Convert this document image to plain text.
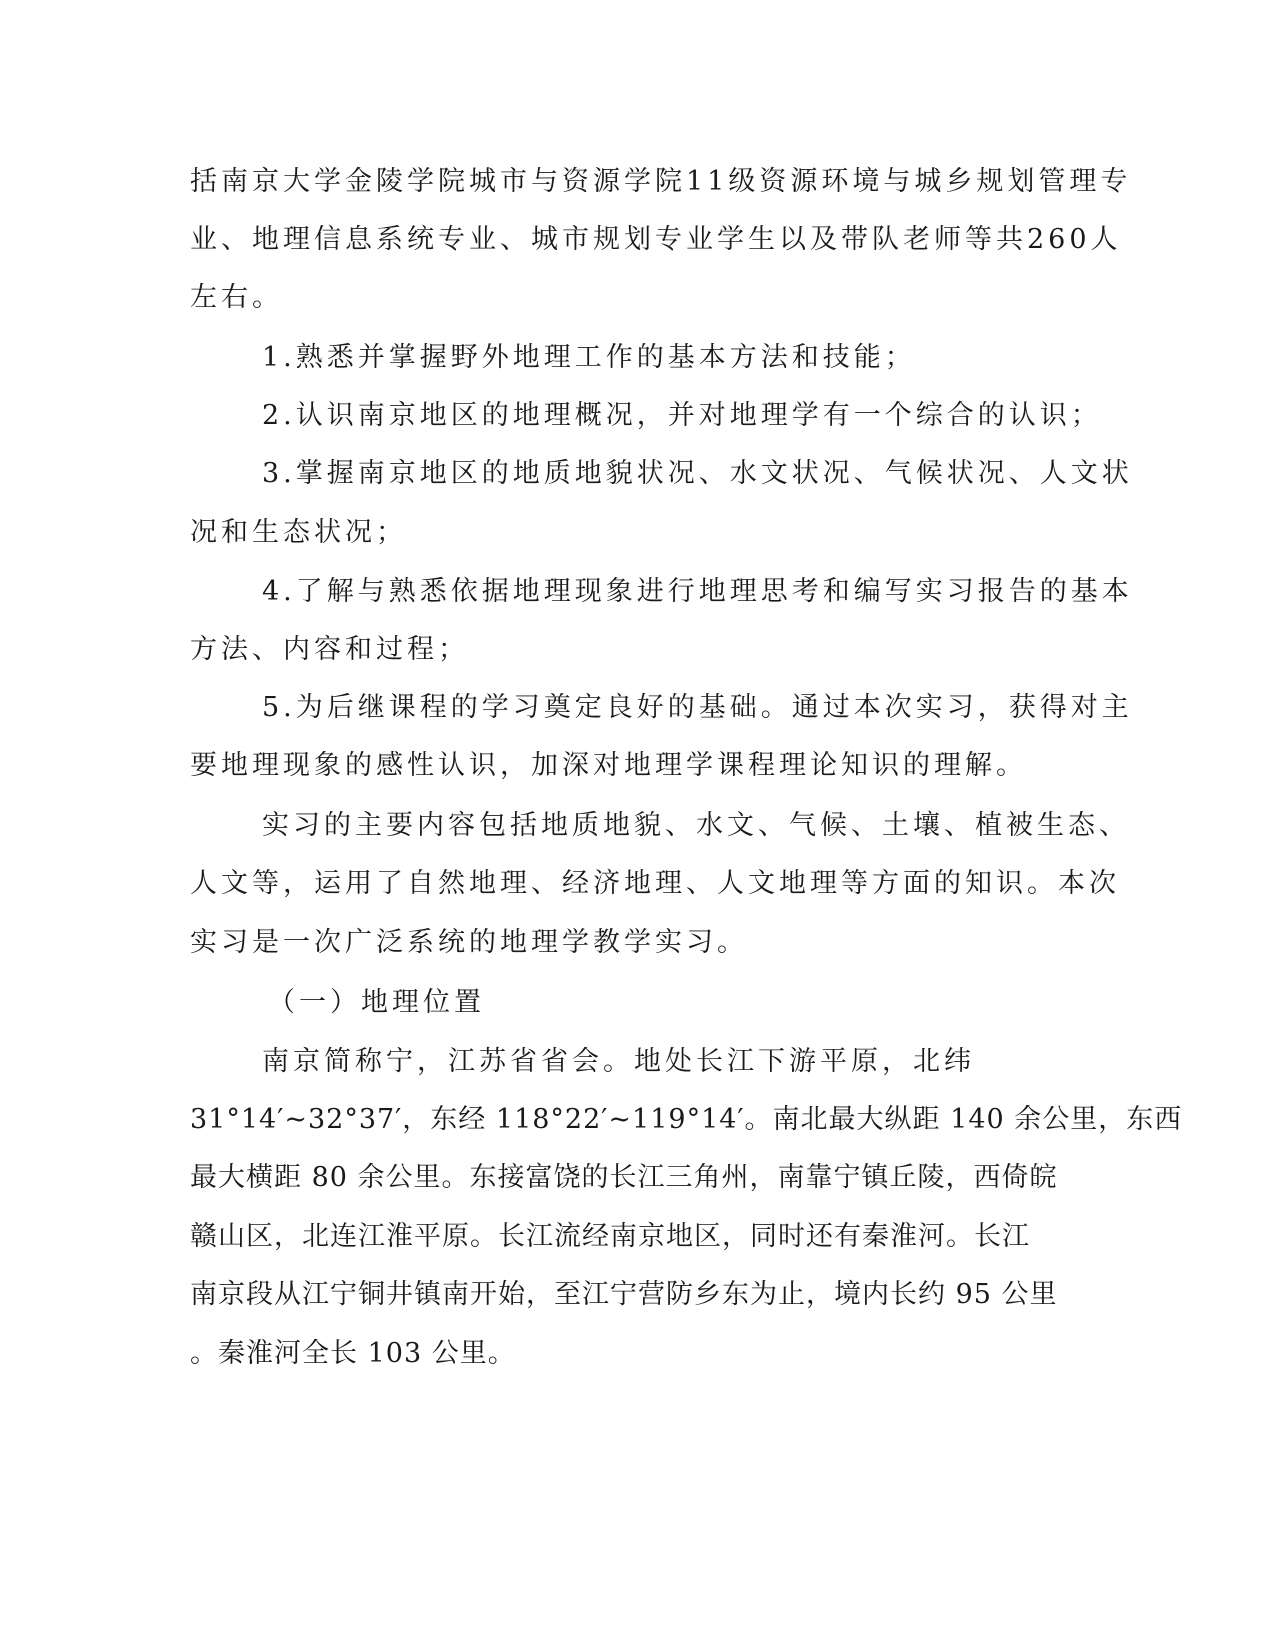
括南京大学金陵学院城市与资源学院11级资源环境与城乡规划管理专
业、地理信息系统专业、城市规划专业学生以及带队老师等共260人
左右。
1.熟悉并掌握野外地理工作的基本方法和技能；
2.认识南京地区的地理概况，并对地理学有一个综合的认识；
3.掌握南京地区的地质地貌状况、水文状况、气候状况、人文状
况和生态状况；
4.了解与熟悉依据地理现象进行地理思考和编写实习报告的基本
方法、内容和过程；
5.为后继课程的学习奠定良好的基础。通过本次实习，获得对主
要地理现象的感性认识，加深对地理学课程理论知识的理解。
实习的主要内容包括地质地貌、水文、气候、土壤、植被生态、
人文等，运用了自然地理、经济地理、人文地理等方面的知识。本次
实习是一次广泛系统的地理学教学实习。
（一）地理位置
南京简称宁，江苏省省会。地处长江下游平原，北纬
31°14′~32°37′，东经 118°22′~119°14′。南北最大纵距 140 余公里，东西
最大横距 80 余公里。东接富饶的长江三角州，南靠宁镇丘陵，西倚皖
赣山区，北连江淮平原。长江流经南京地区，同时还有秦淮河。长江
南京段从江宁铜井镇南开始，至江宁营防乡东为止，境内长约 95 公里
。秦淮河全长 103 公里。
